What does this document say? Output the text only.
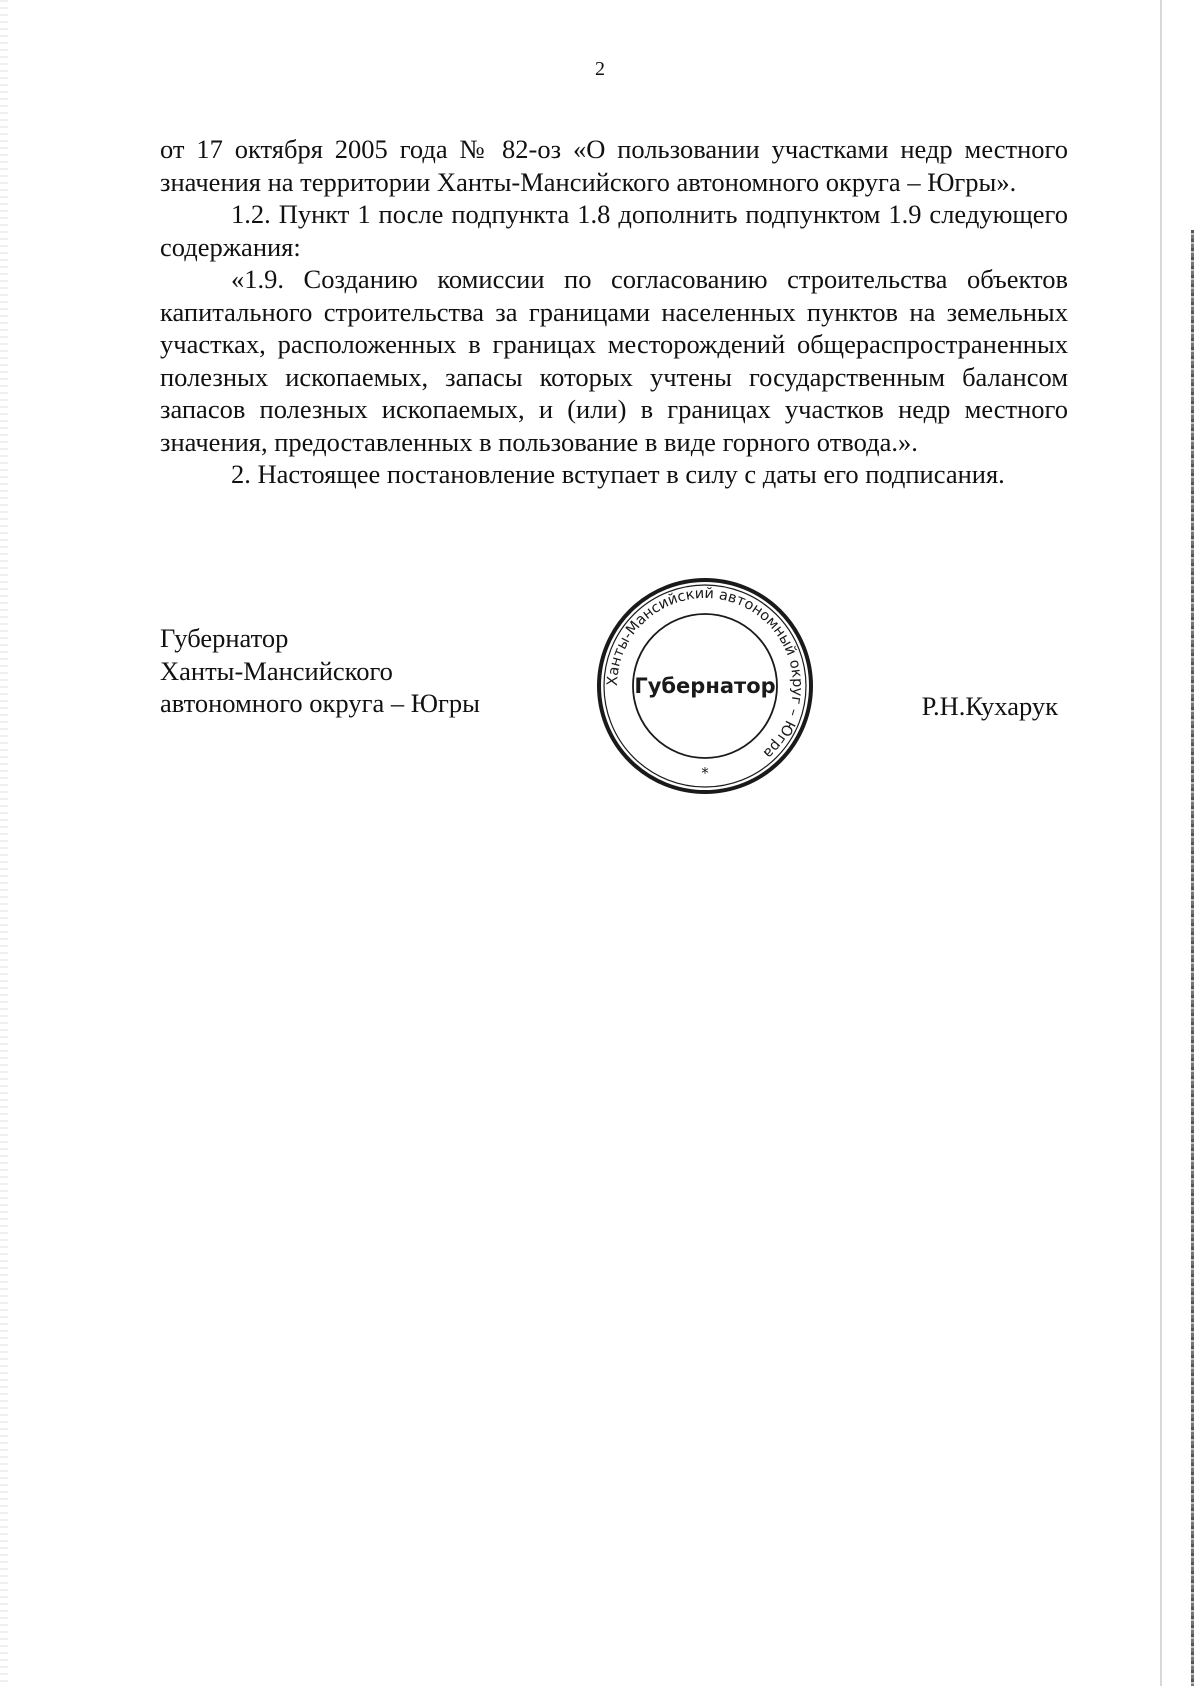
2

от 17 октября 2005 года № 82-оз «О пользовании участками недр местного значения на территории Ханты-Мансийского автономного округа – Югры».

1.2. Пункт 1 после подпункта 1.8 дополнить подпунктом 1.9 следующего содержания:

«1.9. Созданию комиссии по согласованию строительства объектов капитального строительства за границами населенных пунктов на земельных участках, расположенных в границах месторождений общераспространенных полезных ископаемых, запасы которых учтены государственным балансом запасов полезных ископаемых, и (или) в границах участков недр местного значения, предоставленных в пользование в виде горного отвода.».

2. Настоящее постановление вступает в силу с даты его подписания.

Губернатор
Ханты-Мансийского
автономного округа – Югры
Ханты-Мансийский автономный округ – Югра
Губернатор
*
Р.Н.Кухарук
